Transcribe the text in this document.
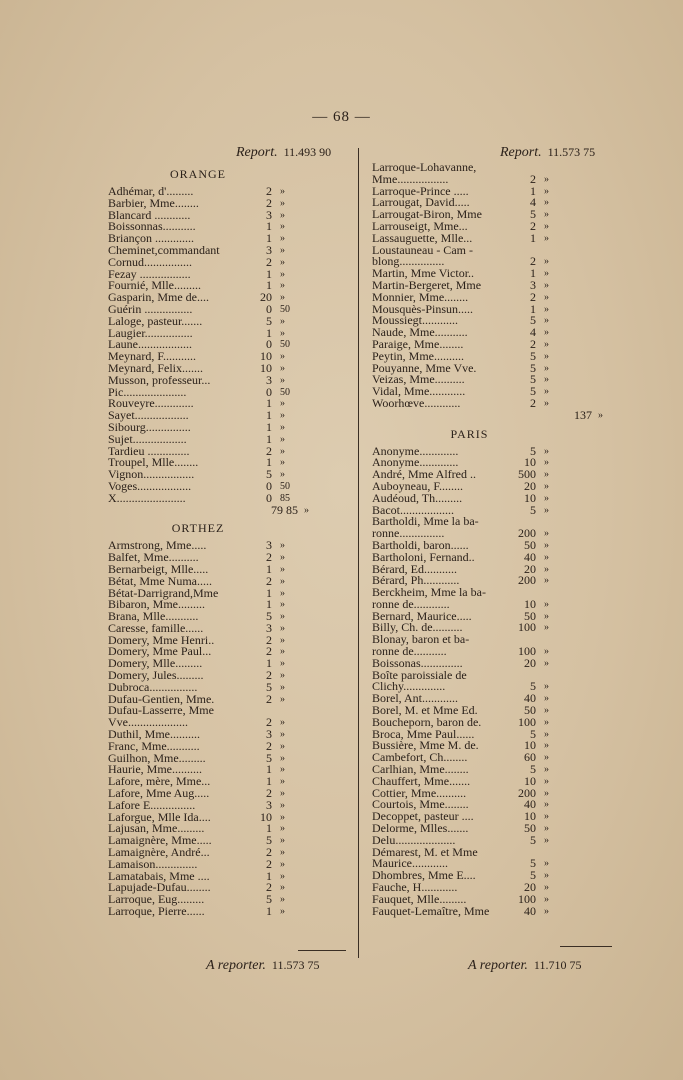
— 68 —
Report. 11.493 90	Report. 11.573 75
ORANGE
Adhémar, d'.........	2 »
Barbier, Mme........	2 »
Blancard ............	3 »
Boissonnas...........	1 »
Briançon .............	1 »
Cheminet,commandant	3 »
Cornud................	2 »
Fezay .................	1 »
Fournié, Mlle.........	1 »
Gasparin, Mme de....	20 »
Guérin ................	0 50
Laloge, pasteur.......	5 »
Laugier................	1 »
Laune..................	0 50
Meynard, F...........	10 »
Meynard, Felix.......	10 »
Musson, professeur...	3 »
Pic.....................	0 50
Rouveyre.............	1 »
Sayet..................	1 »
Sibourg...............	1 »
Sujet..................	1 »
Tardieu ..............	2 »
Troupel, Mlle........	1 »
Vignon.................	5 »
Voges..................	0 50
X.......................	0 85
79 85 »
ORTHEZ
Armstrong, Mme.....	3 »
Balfet, Mme..........	2 »
Bernarbeigt, Mlle.....	1 »
Bétat, Mme Numa.....	2 »
Bétat-Darrigrand,Mme	1 »
Bibaron, Mme.........	1 »
Brana, Mlle...........	5 »
Caresse, famille......	3 »
Domery, Mme Henri..	2 »
Domery, Mme Paul...	2 »
Domery, Mlle.........	1 »
Domery, Jules.........	2 »
Dubroca................	5 »
Dufau-Gentien, Mme.	2 »
Dufau-Lasserre, Mme
Vve....................	2 »
Duthil, Mme..........	3 »
Franc, Mme...........	2 »
Guilhon, Mme.........	5 »
Haurie, Mme..........	1 »
Lafore, mère, Mme...	1 »
Lafore, Mme Aug.....	2 »
Lafore E...............	3 »
Laforgue, Mlle Ida....	10 »
Lajusan, Mme.........	1 »
Lamaignère, Mme.....	5 »
Lamaignère, André...	2 »
Lamaison..............	2 »
Lamatabais, Mme ....	1 »
Lapujade-Dufau........	2 »
Larroque, Eug.........	5 »
Larroque, Pierre......	1 »
Larroque-Lohavanne,
Mme.................	2 »
Larroque-Prince .....	1 »
Larrougat, David.....	4 »
Larrougat-Biron, Mme	5 »
Larrouseigt, Mme...	2 »
Lassauguette, Mlle...	1 »
Loustauneau - Cam -
blong...............	2 »
Martin, Mme Victor..	1 »
Martin-Bergeret, Mme	3 »
Monnier, Mme........	2 »
Mousquès-Pinsun.....	1 »
Moussiegt............	5 »
Naude, Mme...........	4 »
Paraige, Mme........	2 »
Peytin, Mme..........	5 »
Pouyanne, Mme Vve.	5 »
Veizas, Mme..........	5 »
Vidal, Mme............	5 »
Woorhœve............	2 »
137 »
PARIS
Anonyme.............	5 »
Anonyme.............	10 »
André, Mme Alfred ..	500 »
Auboyneau, F........	20 »
Audéoud, Th.........	10 »
Bacot..................	5 »
Bartholdi, Mme la ba-
ronne...............	200 »
Bartholdi, baron......	50 »
Bartholoni, Fernand..	40 »
Bérard, Ed...........	20 »
Bérard, Ph............	200 »
Berckheim, Mme la ba-
ronne de............	10 »
Bernard, Maurice.....	50 »
Billy, Ch. de..........	100 »
Blonay, baron et ba-
ronne de...........	100 »
Boissonas..............	20 »
Boîte paroissiale de
Clichy..............	5 »
Borel, Ant............	40 »
Borel, M. et Mme Ed.	50 »
Boucheporn, baron de.	100 »
Broca, Mme Paul......	5 »
Bussière, Mme M. de.	10 »
Cambefort, Ch........	60 »
Carlhian, Mme........	5 »
Chauffert, Mme.......	10 »
Cottier, Mme..........	200 »
Courtois, Mme........	40 »
Decoppet, pasteur ....	10 »
Delorme, Mlles.......	50 »
Delu....................	5 »
Démarest, M. et Mme
Maurice............	5 »
Dhombres, Mme E....	5 »
Fauche, H............	20 »
Fauquet, Mlle.........	100 »
Fauquet-Lemaître, Mme	40 »
A reporter. 11.573 75	A reporter. 11.710 75
